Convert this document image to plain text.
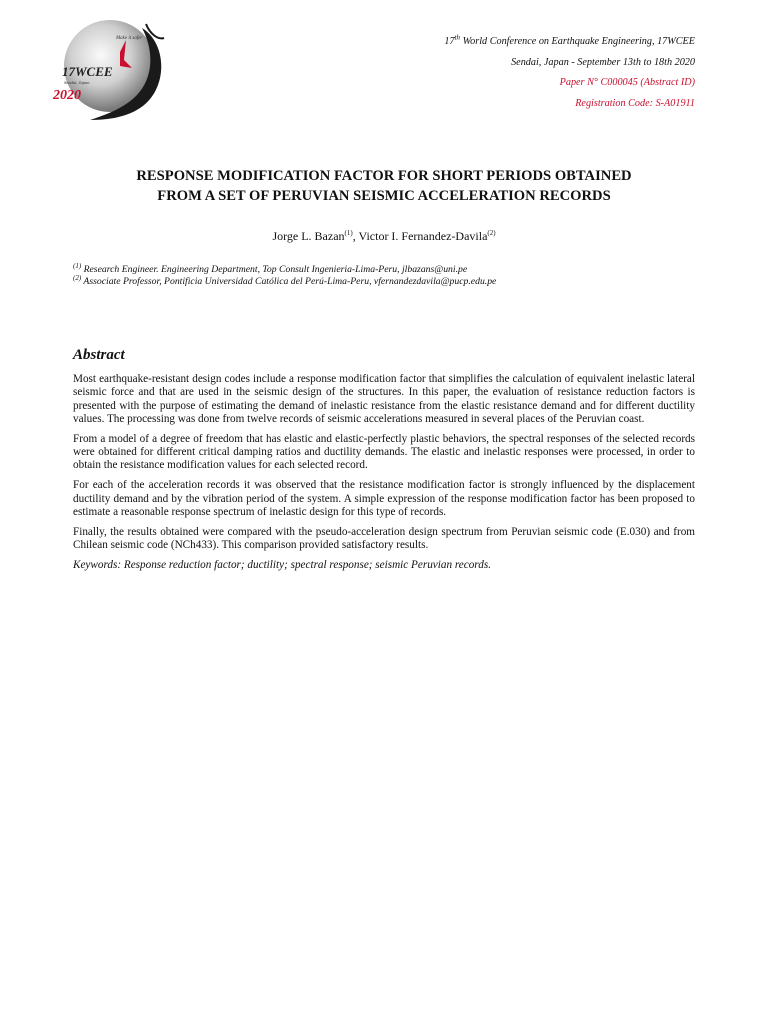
Make it safer
17WCEE
Sendai, Japan
2020
17th World Conference on Earthquake Engineering, 17WCEE
Sendai, Japan - September 13th to 18th 2020
Paper N° C000045 (Abstract ID)
Registration Code: S-A01911
RESPONSE MODIFICATION FACTOR FOR SHORT PERIODS OBTAINED
FROM A SET OF PERUVIAN SEISMIC ACCELERATION RECORDS
Jorge L. Bazan$^{(1)}$, Victor I. Fernandez-Davila$^{(2)}$
$^{(1)}$ Research Engineer. Engineering Department, Top Consult Ingenieria-Lima-Peru, jlbazans@uni.pe
$^{(2)}$ Associate Professor, Pontificia Universidad Católica del Perú-Lima-Peru, vfernandezdavila@pucp.edu.pe
Abstract

Most earthquake-resistant design codes include a response modification factor that simplifies the calculation of equivalent inelastic lateral seismic force and that are used in the seismic design of the structures. In this paper, the evaluation of resistance reduction factors is presented with the purpose of estimating the demand of inelastic resistance from the elastic resistance demand and for different ductility values. The processing was done from twelve records of seismic accelerations measured in several places of the Peruvian coast.

From a model of a degree of freedom that has elastic and elastic-perfectly plastic behaviors, the spectral responses of the selected records were obtained for different critical damping ratios and ductility demands. The elastic and inelastic responses were processed, in order to obtain the resistance modification values for each selected record.

For each of the acceleration records it was observed that the resistance modification factor is strongly influenced by the displacement ductility demand and by the vibration period of the system. A simple expression of the response modification factor has been proposed to estimate a reasonable response spectrum of inelastic design for this type of records.

Finally, the results obtained were compared with the pseudo-acceleration design spectrum from Peruvian seismic code (E.030) and from Chilean seismic code (NCh433). This comparison provided satisfactory results.

Keywords: Response reduction factor; ductility; spectral response; seismic Peruvian records.
